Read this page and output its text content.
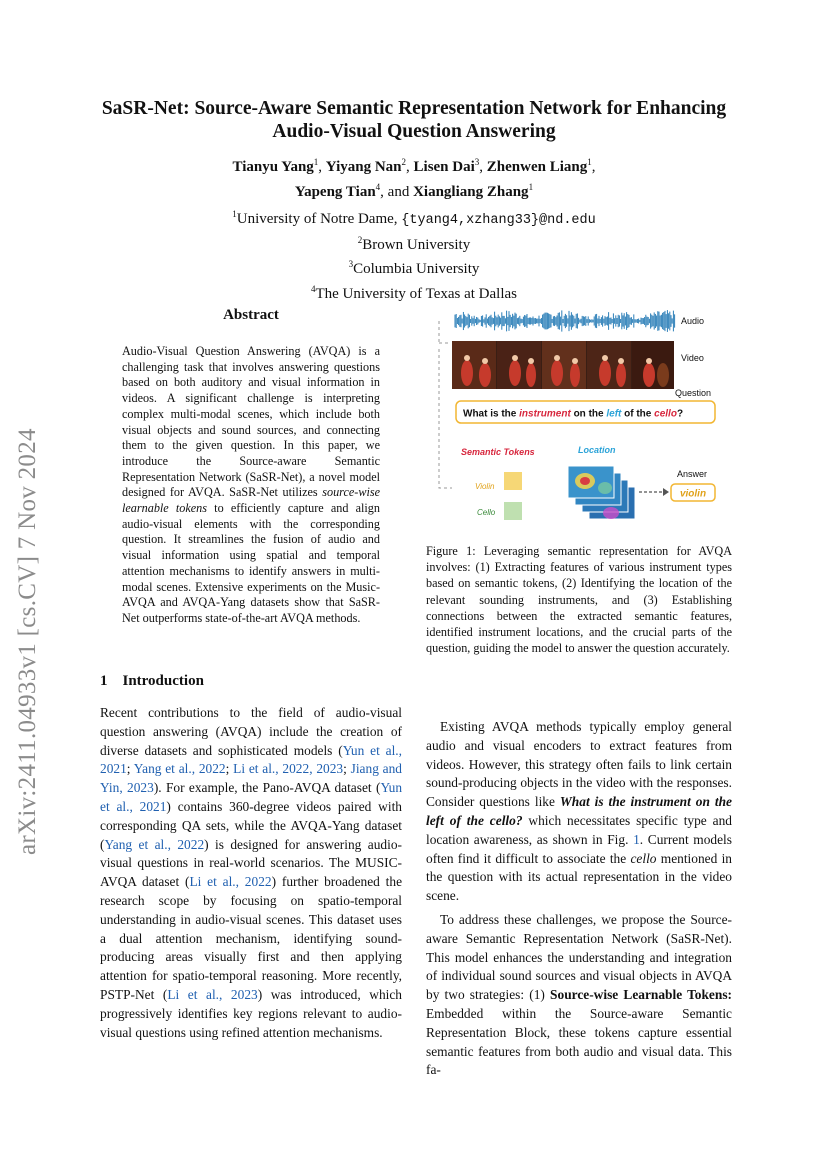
arXiv:2411.04933v1 [cs.CV] 7 Nov 2024
SaSR-Net: Source-Aware Semantic Representation Network for Enhancing
Audio-Visual Question Answering
Tianyu Yang$^1$, Yiyang Nan$^2$, Lisen Dai$^3$, Zhenwen Liang$^1$,
Yapeng Tian$^4$, and Xiangliang Zhang$^1$
$^1$University of Notre Dame, {tyang4,xzhang33}@nd.edu
$^2$Brown University
$^3$Columbia University
$^4$The University of Texas at Dallas
Abstract
Audio-Visual Question Answering (AVQA) is a challenging task that involves answering questions based on both auditory and visual information in videos. A significant challenge is interpreting complex multi-modal scenes, which include both visual objects and sound sources, and connecting them to the given question. In this paper, we introduce the Source-aware Semantic Representation Network (SaSR-Net), a novel model designed for AVQA. SaSR-Net utilizes source-wise learnable tokens to efficiently capture and align audio-visual elements with the corresponding question. It streamlines the fusion of audio and visual information using spatial and temporal attention mechanisms to identify answers in multi-modal scenes. Extensive experiments on the Music-AVQA and AVQA-Yang datasets show that SaSR-Net outperforms state-of-the-art AVQA methods.
1 Introduction
Recent contributions to the field of audio-visual question answering (AVQA) include the creation of diverse datasets and sophisticated models (Yun et al., 2021; Yang et al., 2022; Li et al., 2022, 2023; Jiang and Yin, 2023). For example, the Pano-AVQA dataset (Yun et al., 2021) contains 360-degree videos paired with corresponding QA sets, while the AVQA-Yang dataset (Yang et al., 2022) is designed for answering audio-visual questions in real-world scenarios. The MUSIC-AVQA dataset (Li et al., 2022) further broadened the research scope by focusing on spatio-temporal understanding in audio-visual scenes. This dataset uses a dual attention mechanism, identifying sound-producing areas visually first and then applying attention for spatio-temporal reasoning. More recently, PSTP-Net (Li et al., 2023) was introduced, which progressively identifies key regions relevant to audio-visual questions using refined attention mechanisms.
Audio
Video
Question
What is the instrument on the left of the cello?
Semantic Tokens	Location
Violin
Cello
Answer
violin
Figure 1: Leveraging semantic representation for AVQA involves: (1) Extracting features of various instrument types based on semantic tokens, (2) Identifying the location of the relevant sounding instruments, and (3) Establishing connections between the extracted semantic features, identified instrument locations, and the crucial parts of the question, guiding the model to answer the question accurately.
Existing AVQA methods typically employ general audio and visual encoders to extract features from videos. However, this strategy often fails to link certain sound-producing objects in the video with the responses. Consider questions like What is the instrument on the left of the cello? which necessitates specific type and location awareness, as shown in Fig. 1. Current models often find it difficult to associate the cello mentioned in the question with its actual representation in the video scene.
To address these challenges, we propose the Source-aware Semantic Representation Network (SaSR-Net). This model enhances the understanding and integration of individual sound sources and visual objects in AVQA by two strategies: (1) Source-wise Learnable Tokens: Embedded within the Source-aware Semantic Representation Block, these tokens capture essential semantic features from both audio and visual data. This fa-
